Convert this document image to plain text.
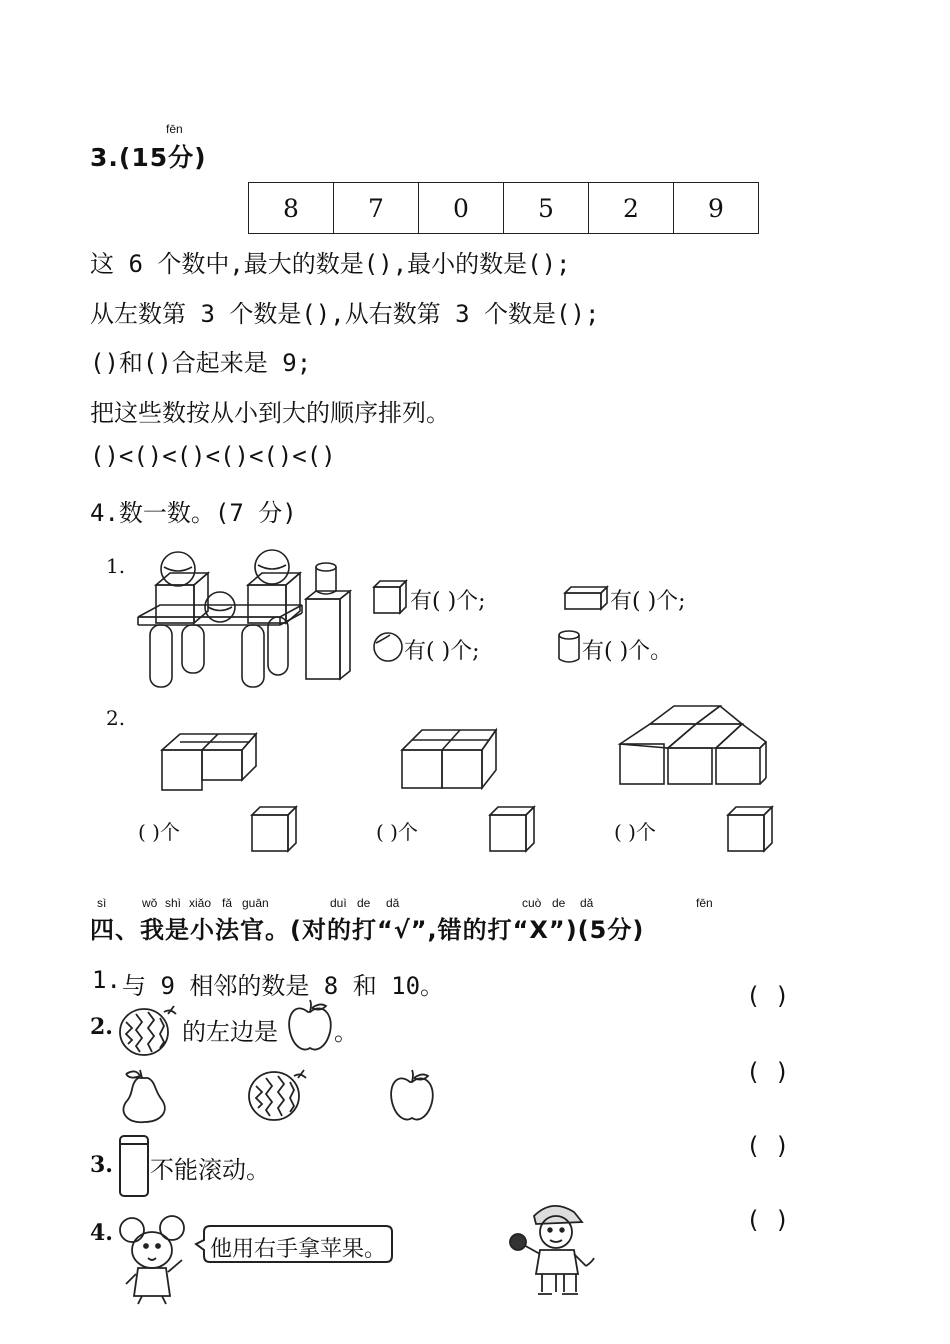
fēn
3.(15分)
8	7	0	5	2	9
这 6 个数中,最大的数是(),最小的数是();
从左数第 3 个数是(),从右数第 3 个数是();
()和()合起来是 9;
把这些数按从小到大的顺序排列。
()<()<()<()<()<()
4.数一数。(7 分)
1.
有( )个;	有( )个;
有( )个;	有( )个。
2.
( )个	( )个	( )个
sì	wǒ shì xiǎo fǎ guān	duì de dǎ	cuò de dǎ	fēn
四、我是小法官。(对的打“√”,错的打“X”)(5分)
1. 与 9 相邻的数是 8 和 10。	( )
2.	的左边是 。
( )
3. 不能滚动。
( )
4.
他用右手拿苹果。
( )
